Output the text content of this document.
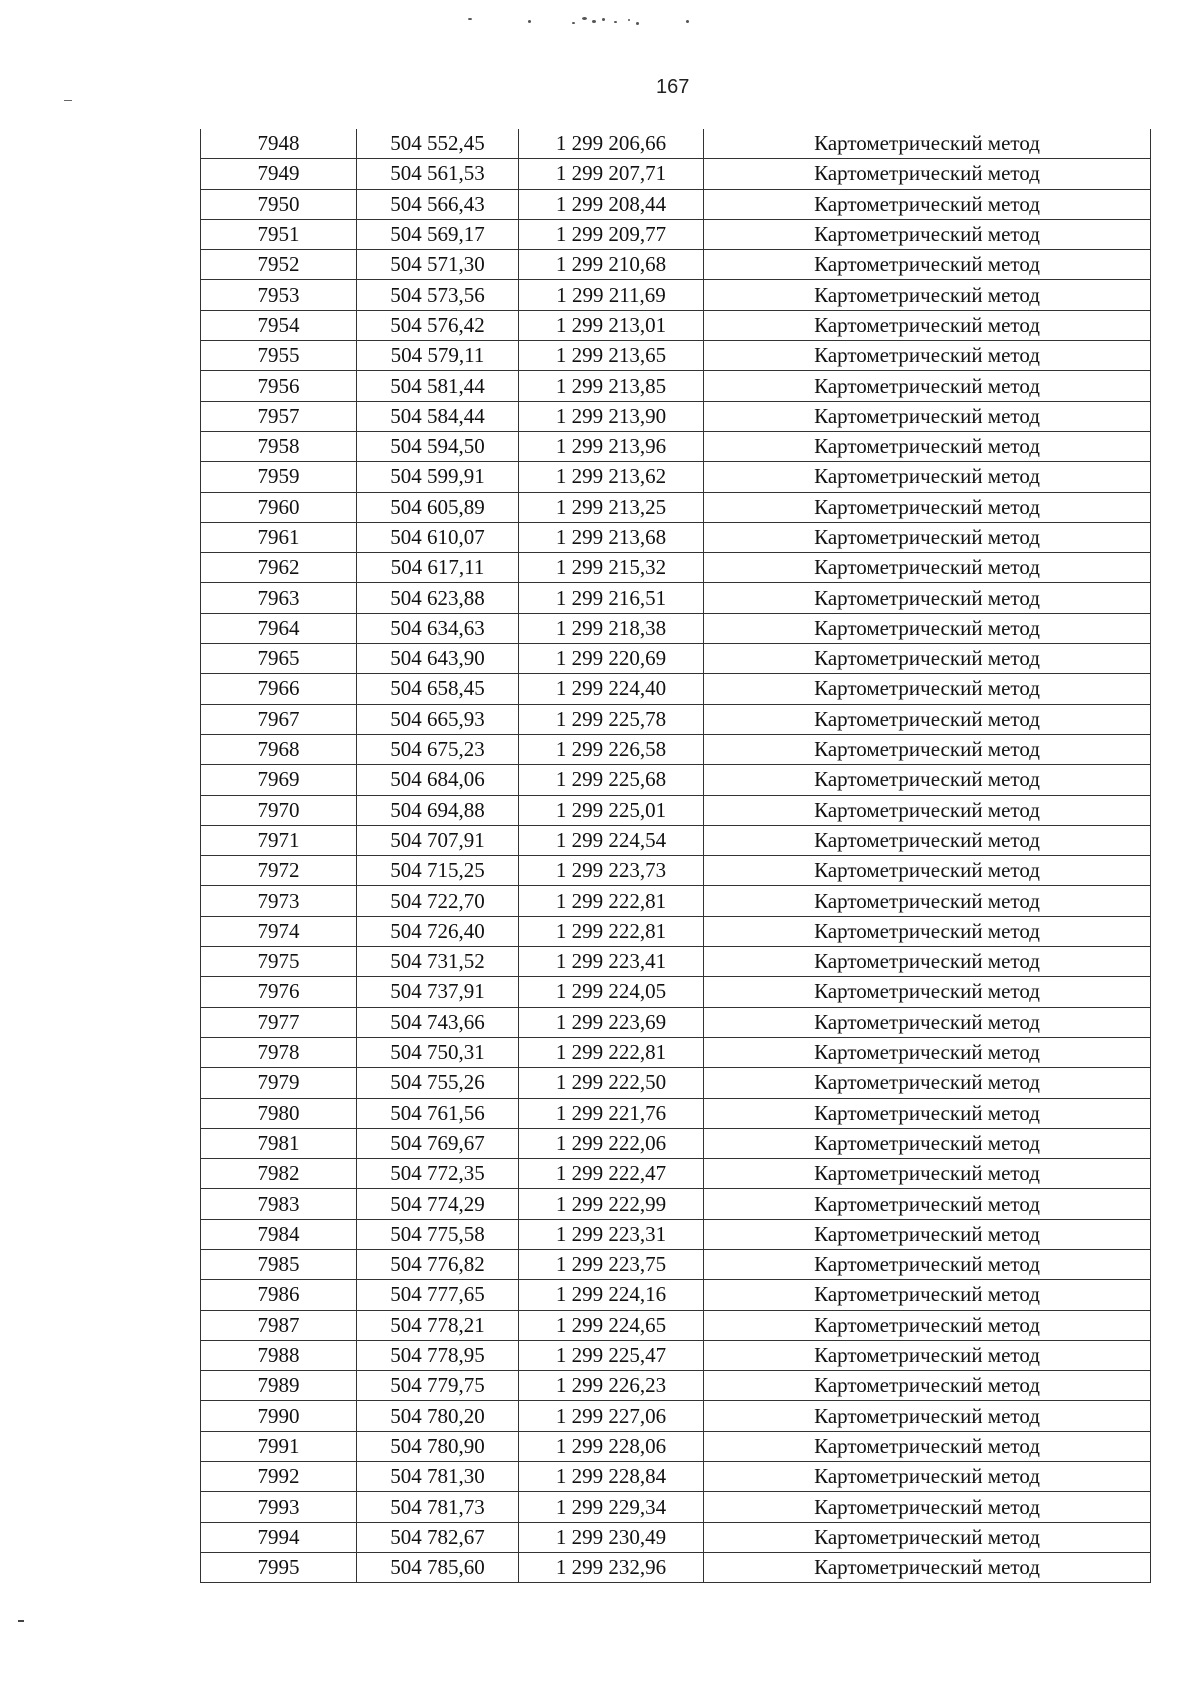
167
7948	504 552,45	1 299 206,66	Картометрический метод
7949	504 561,53	1 299 207,71	Картометрический метод
7950	504 566,43	1 299 208,44	Картометрический метод
7951	504 569,17	1 299 209,77	Картометрический метод
7952	504 571,30	1 299 210,68	Картометрический метод
7953	504 573,56	1 299 211,69	Картометрический метод
7954	504 576,42	1 299 213,01	Картометрический метод
7955	504 579,11	1 299 213,65	Картометрический метод
7956	504 581,44	1 299 213,85	Картометрический метод
7957	504 584,44	1 299 213,90	Картометрический метод
7958	504 594,50	1 299 213,96	Картометрический метод
7959	504 599,91	1 299 213,62	Картометрический метод
7960	504 605,89	1 299 213,25	Картометрический метод
7961	504 610,07	1 299 213,68	Картометрический метод
7962	504 617,11	1 299 215,32	Картометрический метод
7963	504 623,88	1 299 216,51	Картометрический метод
7964	504 634,63	1 299 218,38	Картометрический метод
7965	504 643,90	1 299 220,69	Картометрический метод
7966	504 658,45	1 299 224,40	Картометрический метод
7967	504 665,93	1 299 225,78	Картометрический метод
7968	504 675,23	1 299 226,58	Картометрический метод
7969	504 684,06	1 299 225,68	Картометрический метод
7970	504 694,88	1 299 225,01	Картометрический метод
7971	504 707,91	1 299 224,54	Картометрический метод
7972	504 715,25	1 299 223,73	Картометрический метод
7973	504 722,70	1 299 222,81	Картометрический метод
7974	504 726,40	1 299 222,81	Картометрический метод
7975	504 731,52	1 299 223,41	Картометрический метод
7976	504 737,91	1 299 224,05	Картометрический метод
7977	504 743,66	1 299 223,69	Картометрический метод
7978	504 750,31	1 299 222,81	Картометрический метод
7979	504 755,26	1 299 222,50	Картометрический метод
7980	504 761,56	1 299 221,76	Картометрический метод
7981	504 769,67	1 299 222,06	Картометрический метод
7982	504 772,35	1 299 222,47	Картометрический метод
7983	504 774,29	1 299 222,99	Картометрический метод
7984	504 775,58	1 299 223,31	Картометрический метод
7985	504 776,82	1 299 223,75	Картометрический метод
7986	504 777,65	1 299 224,16	Картометрический метод
7987	504 778,21	1 299 224,65	Картометрический метод
7988	504 778,95	1 299 225,47	Картометрический метод
7989	504 779,75	1 299 226,23	Картометрический метод
7990	504 780,20	1 299 227,06	Картометрический метод
7991	504 780,90	1 299 228,06	Картометрический метод
7992	504 781,30	1 299 228,84	Картометрический метод
7993	504 781,73	1 299 229,34	Картометрический метод
7994	504 782,67	1 299 230,49	Картометрический метод
7995	504 785,60	1 299 232,96	Картометрический метод
